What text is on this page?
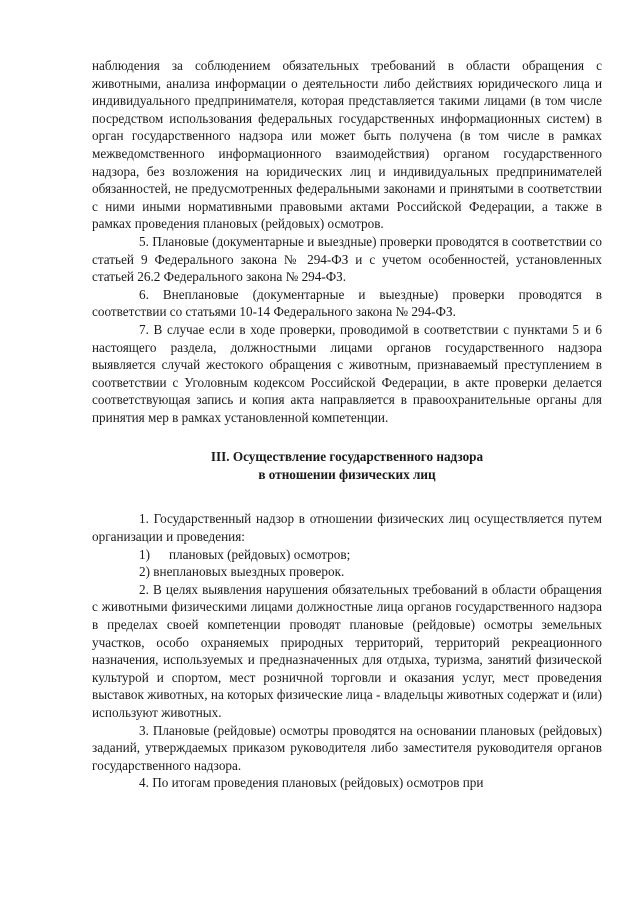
наблюдения за соблюдением обязательных требований в области обращения с животными, анализа информации о деятельности либо действиях юридического лица и индивидуального предпринимателя, которая представляется такими лицами (в том числе посредством использования федеральных государственных информационных систем) в орган государственного надзора или может быть получена (в том числе в рамках межведомственного информационного взаимодействия) органом государственного надзора, без возложения на юридических лиц и индивидуальных предпринимателей обязанностей, не предусмотренных федеральными законами и принятыми в соответствии с ними иными нормативными правовыми актами Российской Федерации, а также в рамках проведения плановых (рейдовых) осмотров.

5. Плановые (документарные и выездные) проверки проводятся в соответствии со статьей 9 Федерального закона № 294-ФЗ и с учетом особенностей, установленных статьей 26.2 Федерального закона № 294-ФЗ.

6. Внеплановые (документарные и выездные) проверки проводятся в соответствии со статьями 10-14 Федерального закона № 294-ФЗ.

7. В случае если в ходе проверки, проводимой в соответствии с пунктами 5 и 6 настоящего раздела, должностными лицами органов государственного надзора выявляется случай жестокого обращения с животным, признаваемый преступлением в соответствии с Уголовным кодексом Российской Федерации, в акте проверки делается соответствующая запись и копия акта направляется в правоохранительные органы для принятия мер в рамках установленной компетенции.

III. Осуществление государственного надзора
в отношении физических лиц

1. Государственный надзор в отношении физических лиц осуществляется путем организации и проведения:

1)	плановых (рейдовых) осмотров;
2) внеплановых выездных проверок.

2. В целях выявления нарушения обязательных требований в области обращения с животными физическими лицами должностные лица органов государственного надзора в пределах своей компетенции проводят плановые (рейдовые) осмотры земельных участков, особо охраняемых природных территорий, территорий рекреационного назначения, используемых и предназначенных для отдыха, туризма, занятий физической культурой и спортом, мест розничной торговли и оказания услуг, мест проведения выставок животных, на которых физические лица - владельцы животных содержат и (или) используют животных.

3. Плановые (рейдовые) осмотры проводятся на основании плановых (рейдовых) заданий, утверждаемых приказом руководителя либо заместителя руководителя органов государственного надзора.

4. По итогам проведения плановых (рейдовых) осмотров при
